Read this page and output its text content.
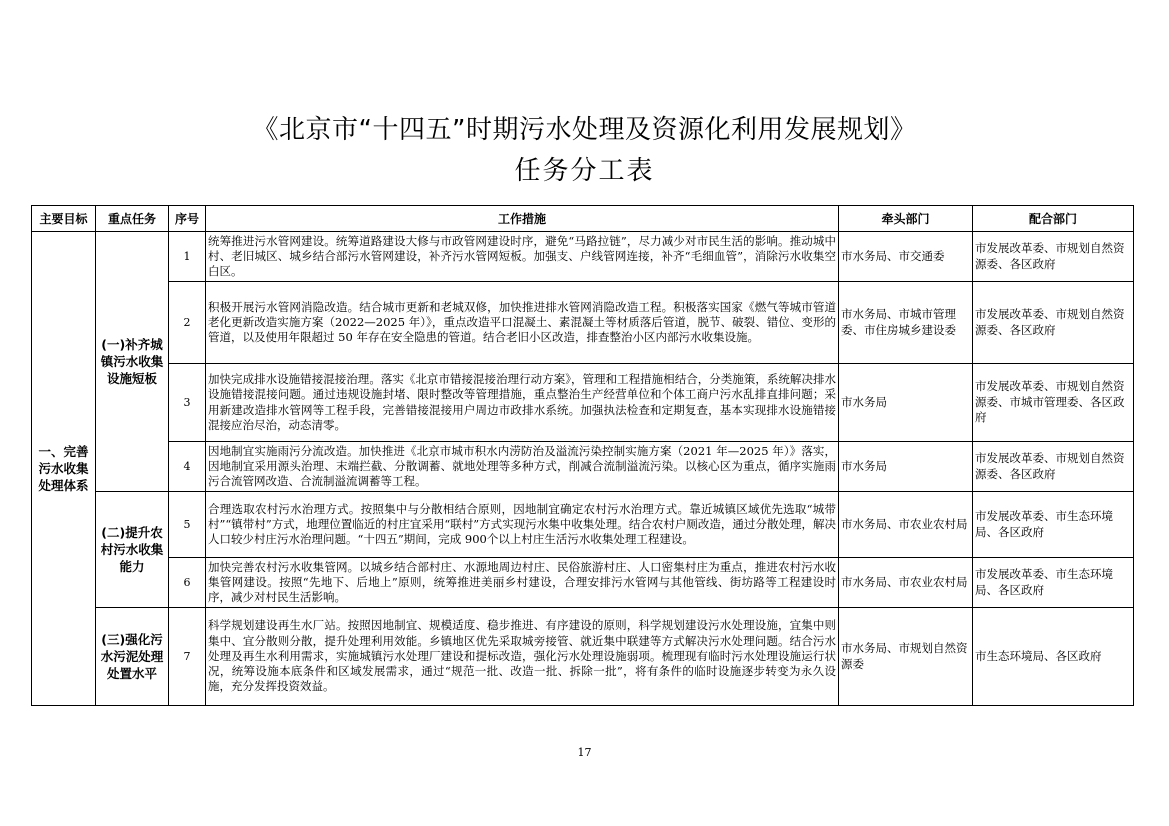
《北京市“十四五”时期污水处理及资源化利用发展规划》
任务分工表
主要目标	重点任务	序号	工作措施	牵头部门	配合部门
一、完善污水收集处理体系	(一)补齐城镇污水收集设施短板	1	统筹推进污水管网建设。统筹道路建设大修与市政管网建设时序，避免“马路拉链”，尽力减少对市民生活的影响。推动城中村、老旧城区、城乡结合部污水管网建设，补齐污水管网短板。加强支、户线管网连接，补齐“毛细血管”，消除污水收集空白区。	市水务局、市交通委	市发展改革委、市规划自然资源委、各区政府
		2	积极开展污水管网消隐改造。结合城市更新和老城双修，加快推进排水管网消隐改造工程。积极落实国家《燃气等城市管道老化更新改造实施方案（2022—2025 年）》，重点改造平口混凝土、素混凝土等材质落后管道，脱节、破裂、错位、变形的管道，以及使用年限超过 50 年存在安全隐患的管道。结合老旧小区改造，排查整治小区内部污水收集设施。	市水务局、市城市管理委、市住房城乡建设委	市发展改革委、市规划自然资源委、各区政府
		3	加快完成排水设施错接混接治理。落实《北京市错接混接治理行动方案》，管理和工程措施相结合，分类施策，系统解决排水设施错接混接问题。通过违规设施封堵、限时整改等管理措施，重点整治生产经营单位和个体工商户污水乱排直排问题；采用新建改造排水管网等工程手段，完善错接混接用户周边市政排水系统。加强执法检查和定期复查，基本实现排水设施错接混接应治尽治，动态清零。	市水务局	市发展改革委、市规划自然资源委、市城市管理委、各区政府
		4	因地制宜实施雨污分流改造。加快推进《北京市城市积水内涝防治及溢流污染控制实施方案（2021 年—2025 年）》落实，因地制宜采用源头治理、末端拦截、分散调蓄、就地处理等多种方式，削减合流制溢流污染。以核心区为重点，循序实施雨污合流管网改造、合流制溢流调蓄等工程。	市水务局	市发展改革委、市规划自然资源委、各区政府
	(二)提升农村污水收集能力	5	合理选取农村污水治理方式。按照集中与分散相结合原则，因地制宜确定农村污水治理方式。靠近城镇区域优先选取“城带村”“镇带村”方式，地理位置临近的村庄宜采用“联村”方式实现污水集中收集处理。结合农村户厕改造，通过分散处理，解决人口较少村庄污水治理问题。“十四五”期间，完成 900个以上村庄生活污水收集处理工程建设。	市水务局、市农业农村局	市发展改革委、市生态环境局、各区政府
		6	加快完善农村污水收集管网。以城乡结合部村庄、水源地周边村庄、民俗旅游村庄、人口密集村庄为重点，推进农村污水收集管网建设。按照“先地下、后地上”原则，统筹推进美丽乡村建设，合理安排污水管网与其他管线、街坊路等工程建设时序，减少对村民生活影响。	市水务局、市农业农村局	市发展改革委、市生态环境局、各区政府
	(三)强化污水污泥处理处置水平	7	科学规划建设再生水厂站。按照因地制宜、规模适度、稳步推进、有序建设的原则，科学规划建设污水处理设施，宜集中则集中、宜分散则分散，提升处理利用效能。乡镇地区优先采取城旁接管、就近集中联建等方式解决污水处理问题。结合污水处理及再生水利用需求，实施城镇污水处理厂建设和提标改造，强化污水处理设施弱项。梳理现有临时污水处理设施运行状况，统筹设施本底条件和区域发展需求，通过“规范一批、改造一批、拆除一批”，将有条件的临时设施逐步转变为永久设施，充分发挥投资效益。	市水务局、市规划自然资源委	市生态环境局、各区政府
17
